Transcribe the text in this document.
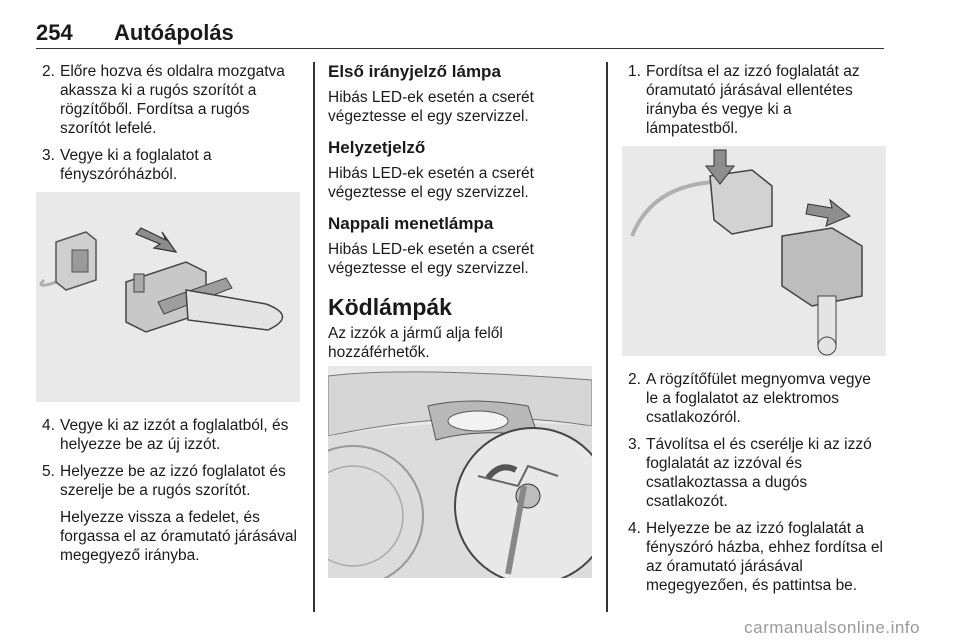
254 Autóápolás
2. Előre hozva és oldalra mozgatva akassza ki a rugós szorítót a rögzítőből. Fordítsa a rugós szorítót lefelé.
3. Vegye ki a foglalatot a fényszóróházból.
4. Vegye ki az izzót a foglalatból, és helyezze be az új izzót.
5. Helyezze be az izzó foglalatot és szerelje be a rugós szorítót.

Helyezze vissza a fedelet, és forgassa el az óramutató járásával megegyező irányba.

Első irányjelző lámpa

Hibás LED-ek esetén a cserét végeztesse el egy szervizzel.

Helyzetjelző

Hibás LED-ek esetén a cserét végeztesse el egy szervizzel.

Nappali menetlámpa

Hibás LED-ek esetén a cserét végeztesse el egy szervizzel.

Ködlámpák

Az izzók a jármű alja felől hozzáférhetők.

1. Fordítsa el az izzó foglalatát az óramutató járásával ellentétes irányba és vegye ki a lámpatestből.
2. A rögzítőfület megnyomva vegye le a foglalatot az elektromos csatlakozóról.
3. Távolítsa el és cserélje ki az izzó foglalatát az izzóval és csatlakoztassa a dugós csatlakozót.
4. Helyezze be az izzó foglalatát a fényszóró házba, ehhez fordítsa el az óramutató járásával megegyezően, és pattintsa be.
carmanualsonline.info
